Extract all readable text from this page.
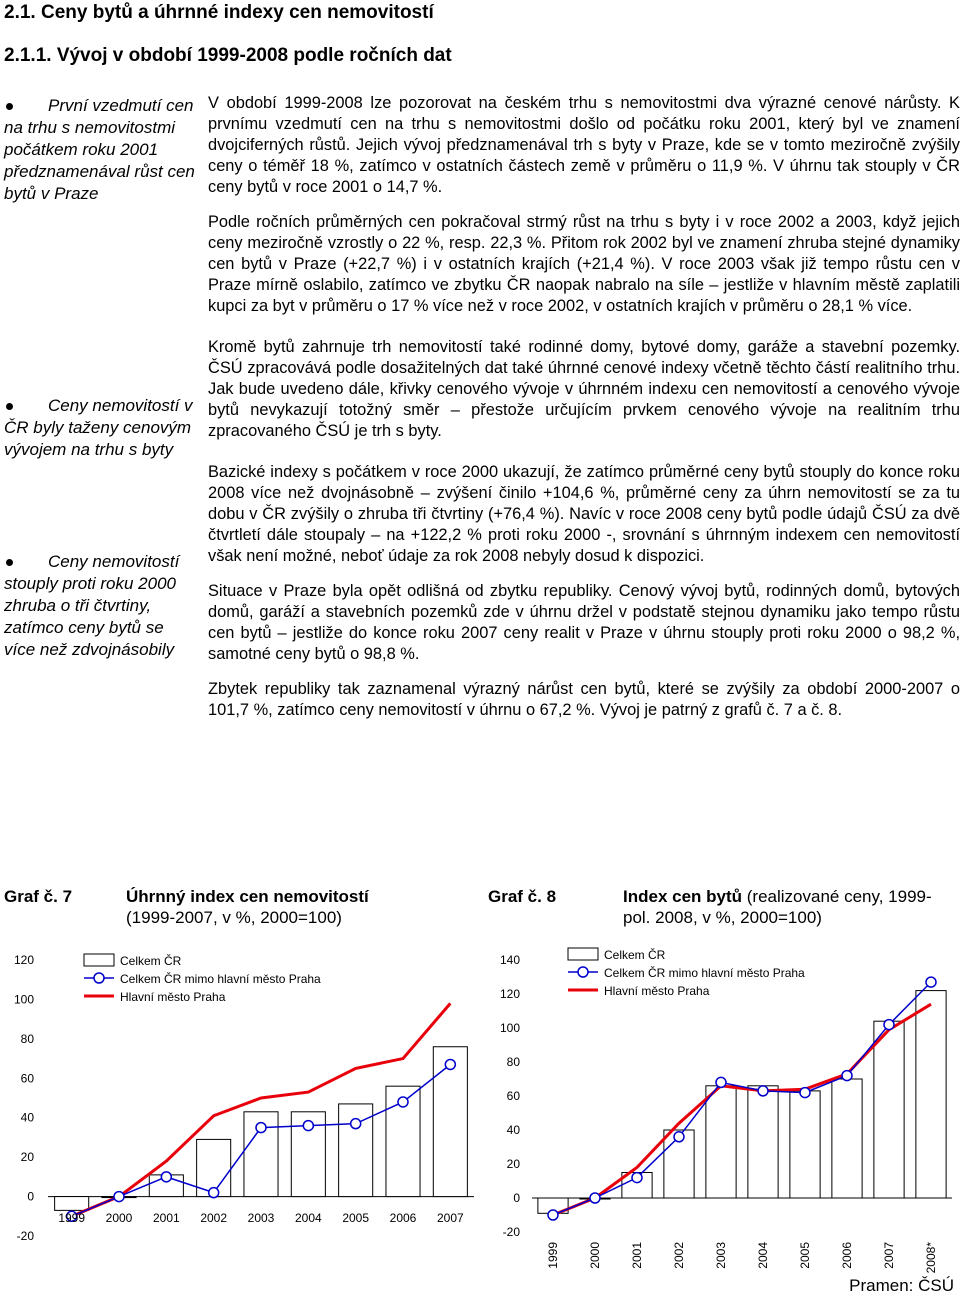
2.1. Ceny bytů a úhrnné indexy cen nemovitostí
2.1.1. Vývoj v období 1999-2008 podle ročních dat
První vzedmutí cen na trhu s nemovitostmi počátkem roku 2001 předznamenával růst cen bytů v Praze
Ceny nemovitostí v ČR byly taženy cenovým vývojem na trhu s byty
Ceny nemovitostí stouply proti roku 2000 zhruba o tři čtvrtiny, zatímco ceny bytů se více než zdvojnásobily

V období 1999-2008 lze pozorovat na českém trhu s nemovitostmi dva výrazné cenové nárůsty. K prvnímu vzedmutí cen na trhu s nemovitostmi došlo od počátku roku 2001, který byl ve znamení dvojciferných růstů. Jejich vývoj předznamenával trh s byty v Praze, kde se v tomto meziročně zvýšily ceny o téměř 18 %, zatímco v ostatních částech země v průměru o 11,9 %. V úhrnu tak stouply v ČR ceny bytů v roce 2001 o 14,7 %.

Podle ročních průměrných cen pokračoval strmý růst na trhu s byty i v roce 2002 a 2003, když jejich ceny meziročně vzrostly o 22 %, resp. 22,3 %. Přitom rok 2002 byl ve znamení zhruba stejné dynamiky cen bytů v Praze (+22,7 %) i v ostatních krajích (+21,4 %). V roce 2003 však již tempo růstu cen v Praze mírně oslabilo, zatímco ve zbytku ČR naopak nabralo na síle – jestliže v hlavním městě zaplatili kupci za byt v průměru o 17 % více než v roce 2002, v ostatních krajích v průměru o 28,1 % více.

Kromě bytů zahrnuje trh nemovitostí také rodinné domy, bytové domy, garáže a stavební pozemky. ČSÚ zpracovává podle dosažitelných dat také úhrnné cenové indexy včetně těchto částí realitního trhu. Jak bude uvedeno dále, křivky cenového vývoje v úhrnném indexu cen nemovitostí a cenového vývoje bytů nevykazují totožný směr – přestože určujícím prvkem cenového vývoje na realitním trhu zpracovaného ČSÚ je trh s byty.

Bazické indexy s počátkem v roce 2000 ukazují, že zatímco průměrné ceny bytů stouply do konce roku 2008 více než dvojnásobně – zvýšení činilo +104,6 %, průměrné ceny za úhrn nemovitostí se za tu dobu v ČR zvýšily o zhruba tři čtvrtiny (+76,4 %). Navíc v roce 2008 ceny bytů podle údajů ČSÚ za dvě čtvrtletí dále stoupaly – na +122,2 % proti roku 2000 -, srovnání s úhrnným indexem cen nemovitostí však není možné, neboť údaje za rok 2008 nebyly dosud k dispozici.

Situace v Praze byla opět odlišná od zbytku republiky. Cenový vývoj bytů, rodinných domů, bytových domů, garáží a stavebních pozemků zde v úhrnu držel v podstatě stejnou dynamiku jako tempo růstu cen bytů – jestliže do konce roku 2007 ceny realit v Praze v úhrnu stouply proti roku 2000 o 98,2 %, samotné ceny bytů o 98,8 %.

Zbytek republiky tak zaznamenal výrazný nárůst cen bytů, které se zvýšily za období 2000-2007 o 101,7 %, zatímco ceny nemovitostí v úhrnu o 67,2 %. Vývoj je patrný z grafů č. 7 a č. 8.

Graf č. 7	Úhrnný index cen nemovitostí
(1999-2007, v %, 2000=100)
Graf č. 8	Index cen bytů (realizované ceny, 1999-pol. 2008, v %, 2000=100)
-20
0
20
40
60
80
100
120
1999 2000 2001 2002 2003 2004 2005 2006 2007
Celkem ČR
Celkem ČR mimo hlavní město Praha
Hlavní město Praha
-20
0
20
40
60
80
100
120
140
1999 2000 2001 2002 2003 2004 2005 2006 2007 2008*
Celkem ČR
Celkem ČR mimo hlavní město Praha
Hlavní město Praha
Pramen: ČSÚ
